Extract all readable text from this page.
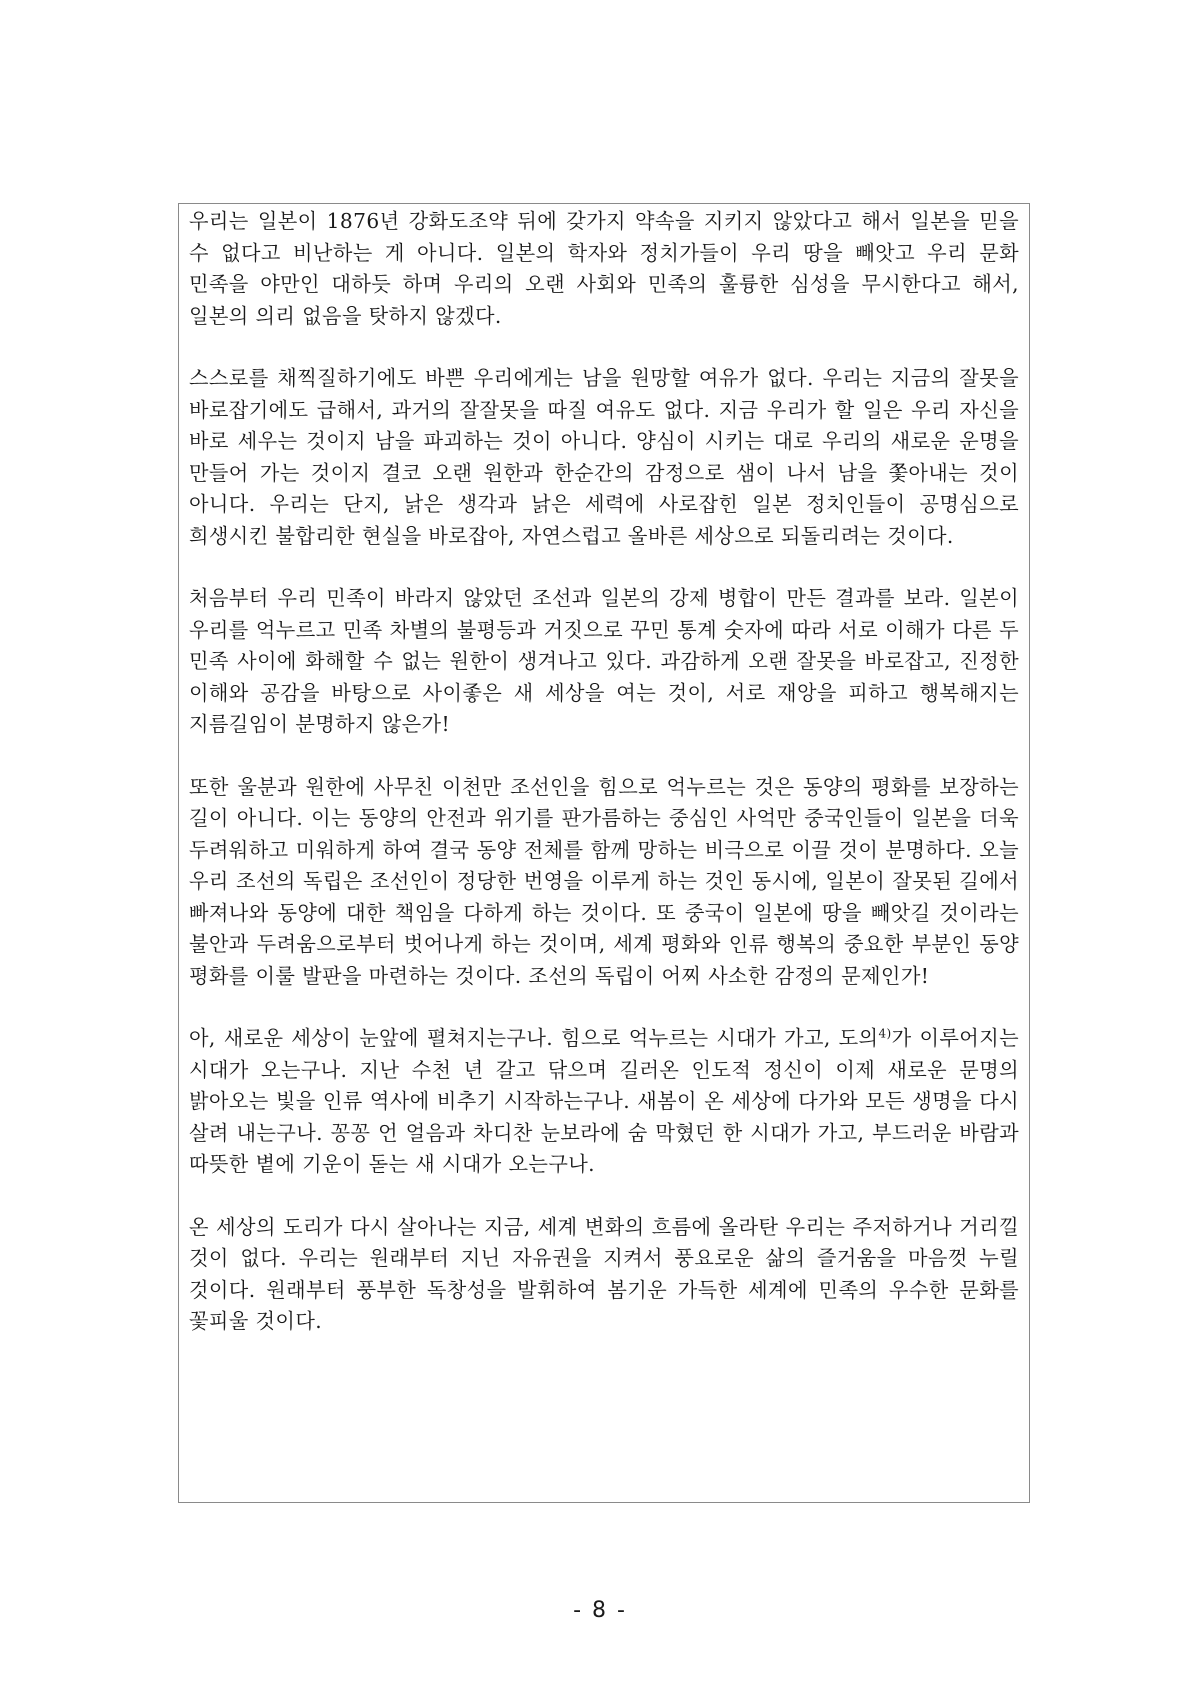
우리는 일본이 1876년 강화도조약 뒤에 갖가지 약속을 지키지 않았다고 해서 일본을 믿을 수 없다고 비난하는 게 아니다. 일본의 학자와 정치가들이 우리 땅을 빼앗고 우리 문화 민족을 야만인 대하듯 하며 우리의 오랜 사회와 민족의 훌륭한 심성을 무시한다고 해서, 일본의 의리 없음을 탓하지 않겠다.

스스로를 채찍질하기에도 바쁜 우리에게는 남을 원망할 여유가 없다. 우리는 지금의 잘못을 바로잡기에도 급해서, 과거의 잘잘못을 따질 여유도 없다. 지금 우리가 할 일은 우리 자신을 바로 세우는 것이지 남을 파괴하는 것이 아니다. 양심이 시키는 대로 우리의 새로운 운명을 만들어 가는 것이지 결코 오랜 원한과 한순간의 감정으로 샘이 나서 남을 쫓아내는 것이 아니다. 우리는 단지, 낡은 생각과 낡은 세력에 사로잡힌 일본 정치인들이 공명심으로 희생시킨 불합리한 현실을 바로잡아, 자연스럽고 올바른 세상으로 되돌리려는 것이다.

처음부터 우리 민족이 바라지 않았던 조선과 일본의 강제 병합이 만든 결과를 보라. 일본이 우리를 억누르고 민족 차별의 불평등과 거짓으로 꾸민 통계 숫자에 따라 서로 이해가 다른 두 민족 사이에 화해할 수 없는 원한이 생겨나고 있다. 과감하게 오랜 잘못을 바로잡고, 진정한 이해와 공감을 바탕으로 사이좋은 새 세상을 여는 것이, 서로 재앙을 피하고 행복해지는 지름길임이 분명하지 않은가!

또한 울분과 원한에 사무친 이천만 조선인을 힘으로 억누르는 것은 동양의 평화를 보장하는 길이 아니다. 이는 동양의 안전과 위기를 판가름하는 중심인 사억만 중국인들이 일본을 더욱 두려워하고 미워하게 하여 결국 동양 전체를 함께 망하는 비극으로 이끌 것이 분명하다. 오늘 우리 조선의 독립은 조선인이 정당한 번영을 이루게 하는 것인 동시에, 일본이 잘못된 길에서 빠져나와 동양에 대한 책임을 다하게 하는 것이다. 또 중국이 일본에 땅을 빼앗길 것이라는 불안과 두려움으로부터 벗어나게 하는 것이며, 세계 평화와 인류 행복의 중요한 부분인 동양 평화를 이룰 발판을 마련하는 것이다. 조선의 독립이 어찌 사소한 감정의 문제인가!

아, 새로운 세상이 눈앞에 펼쳐지는구나. 힘으로 억누르는 시대가 가고, 도의$^{4)}$가 이루어지는 시대가 오는구나. 지난 수천 년 갈고 닦으며 길러온 인도적 정신이 이제 새로운 문명의 밝아오는 빛을 인류 역사에 비추기 시작하는구나. 새봄이 온 세상에 다가와 모든 생명을 다시 살려 내는구나. 꽁꽁 언 얼음과 차디찬 눈보라에 숨 막혔던 한 시대가 가고, 부드러운 바람과 따뜻한 볕에 기운이 돋는 새 시대가 오는구나.

온 세상의 도리가 다시 살아나는 지금, 세계 변화의 흐름에 올라탄 우리는 주저하거나 거리낄 것이 없다. 우리는 원래부터 지닌 자유권을 지켜서 풍요로운 삶의 즐거움을 마음껏 누릴 것이다. 원래부터 풍부한 독창성을 발휘하여 봄기운 가득한 세계에 민족의 우수한 문화를 꽃피울 것이다.

- 8 -
